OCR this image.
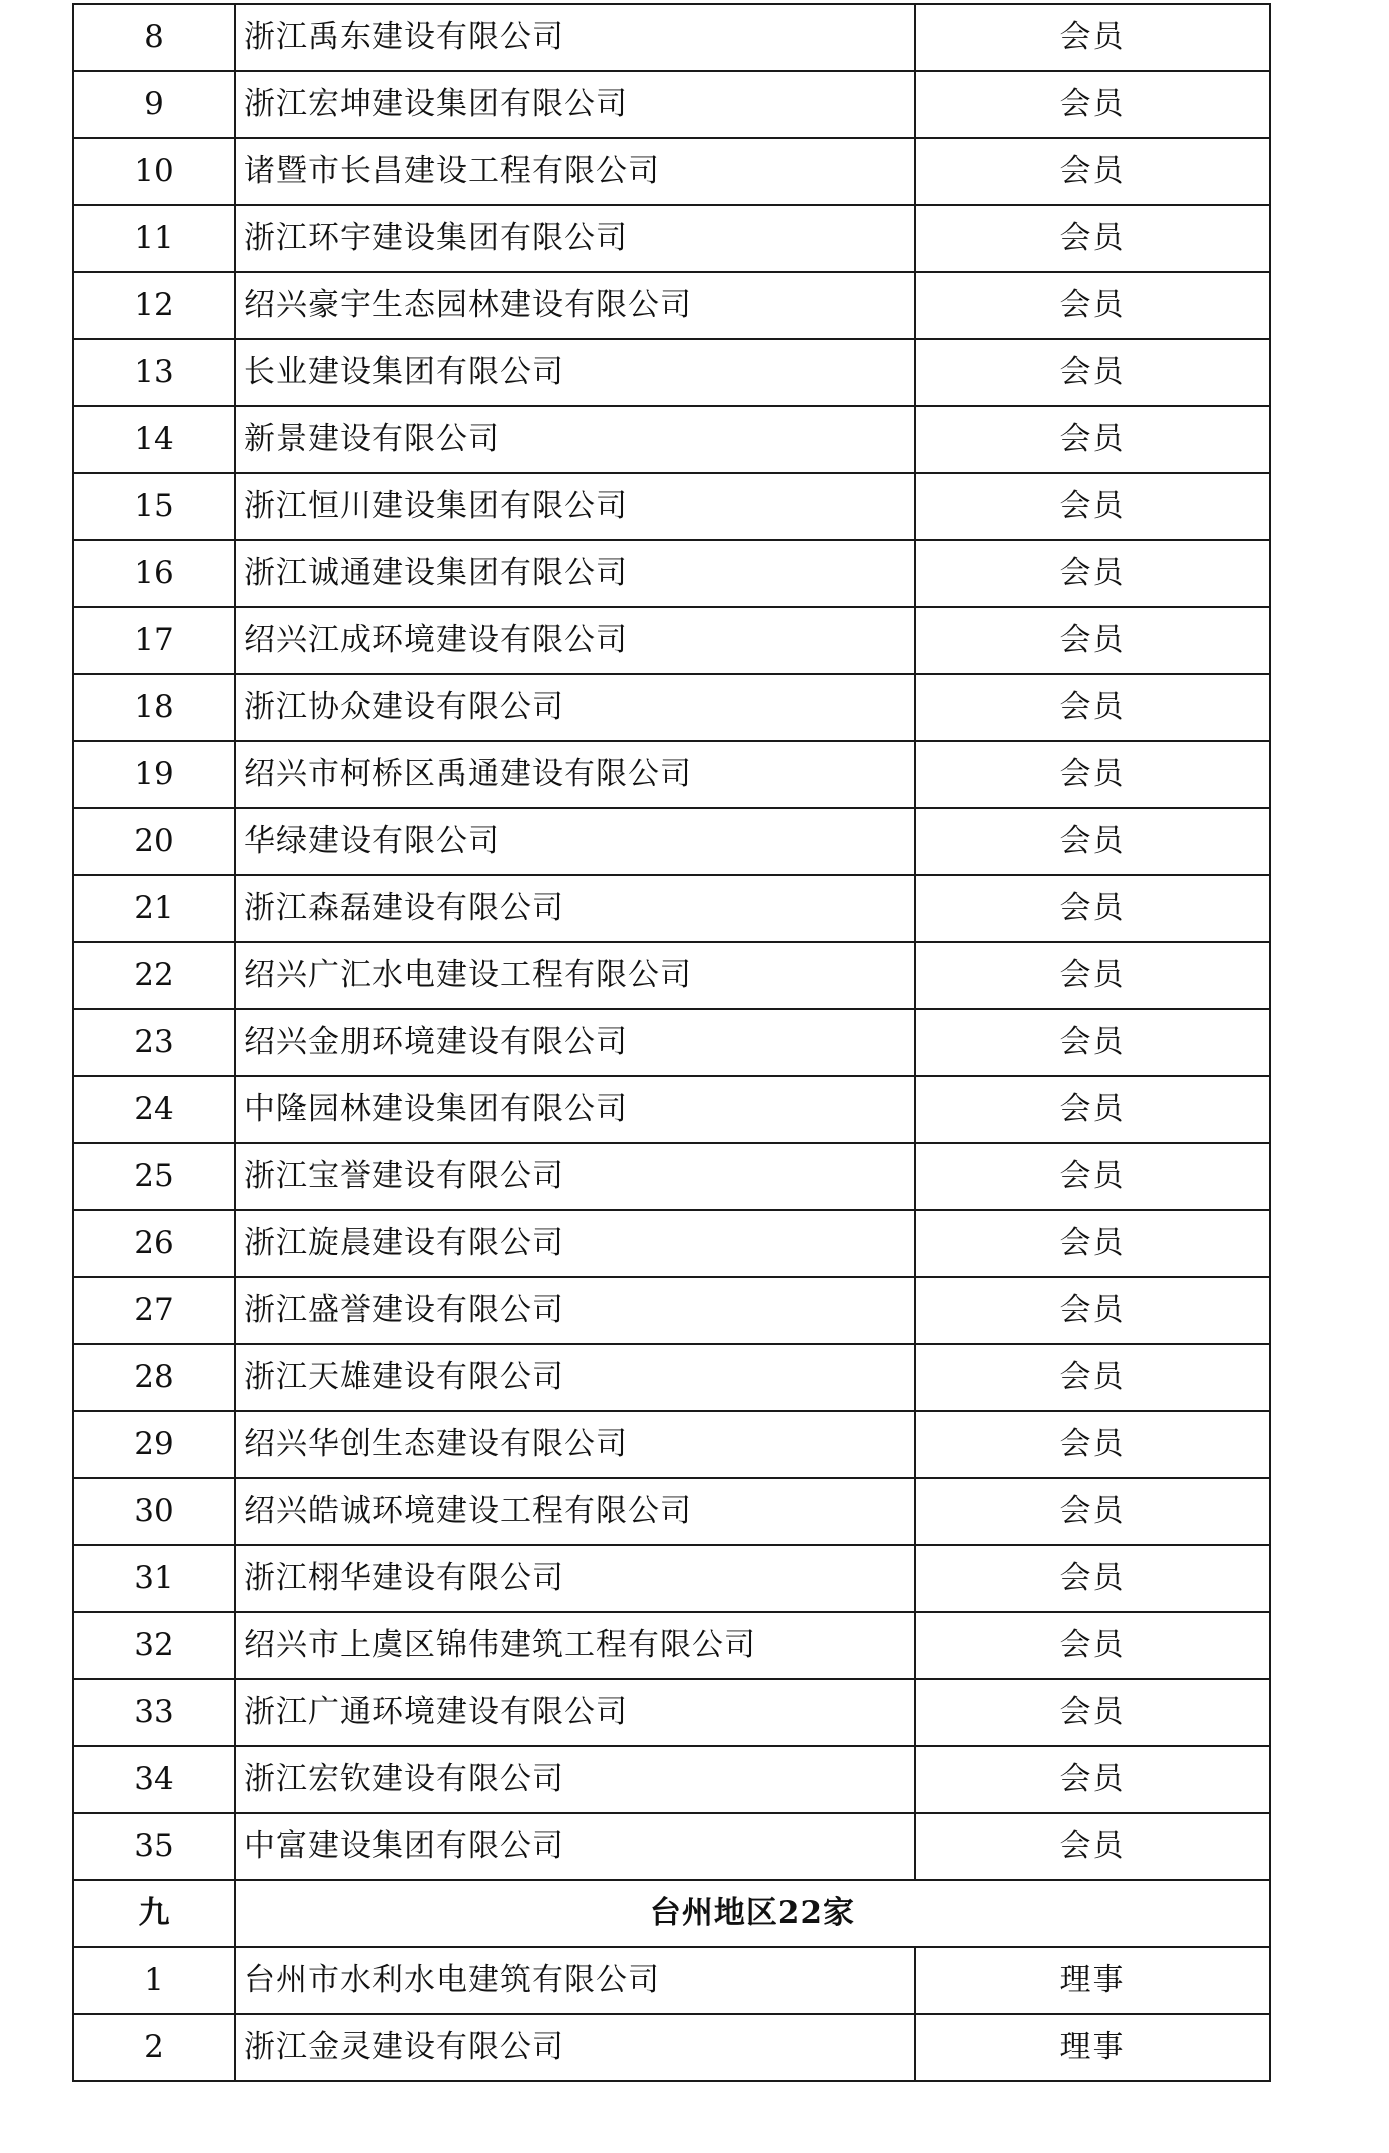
8	浙江禹东建设有限公司	会员
9	浙江宏坤建设集团有限公司	会员
10	诸暨市长昌建设工程有限公司	会员
11	浙江环宇建设集团有限公司	会员
12	绍兴豪宇生态园林建设有限公司	会员
13	长业建设集团有限公司	会员
14	新景建设有限公司	会员
15	浙江恒川建设集团有限公司	会员
16	浙江诚通建设集团有限公司	会员
17	绍兴江成环境建设有限公司	会员
18	浙江协众建设有限公司	会员
19	绍兴市柯桥区禹通建设有限公司	会员
20	华绿建设有限公司	会员
21	浙江森磊建设有限公司	会员
22	绍兴广汇水电建设工程有限公司	会员
23	绍兴金朋环境建设有限公司	会员
24	中隆园林建设集团有限公司	会员
25	浙江宝誉建设有限公司	会员
26	浙江旋晨建设有限公司	会员
27	浙江盛誉建设有限公司	会员
28	浙江天雄建设有限公司	会员
29	绍兴华创生态建设有限公司	会员
30	绍兴皓诚环境建设工程有限公司	会员
31	浙江栩华建设有限公司	会员
32	绍兴市上虞区锦伟建筑工程有限公司	会员
33	浙江广通环境建设有限公司	会员
34	浙江宏钦建设有限公司	会员
35	中富建设集团有限公司	会员
九	台州地区22家	
1	台州市水利水电建筑有限公司	理事
2	浙江金灵建设有限公司	理事
